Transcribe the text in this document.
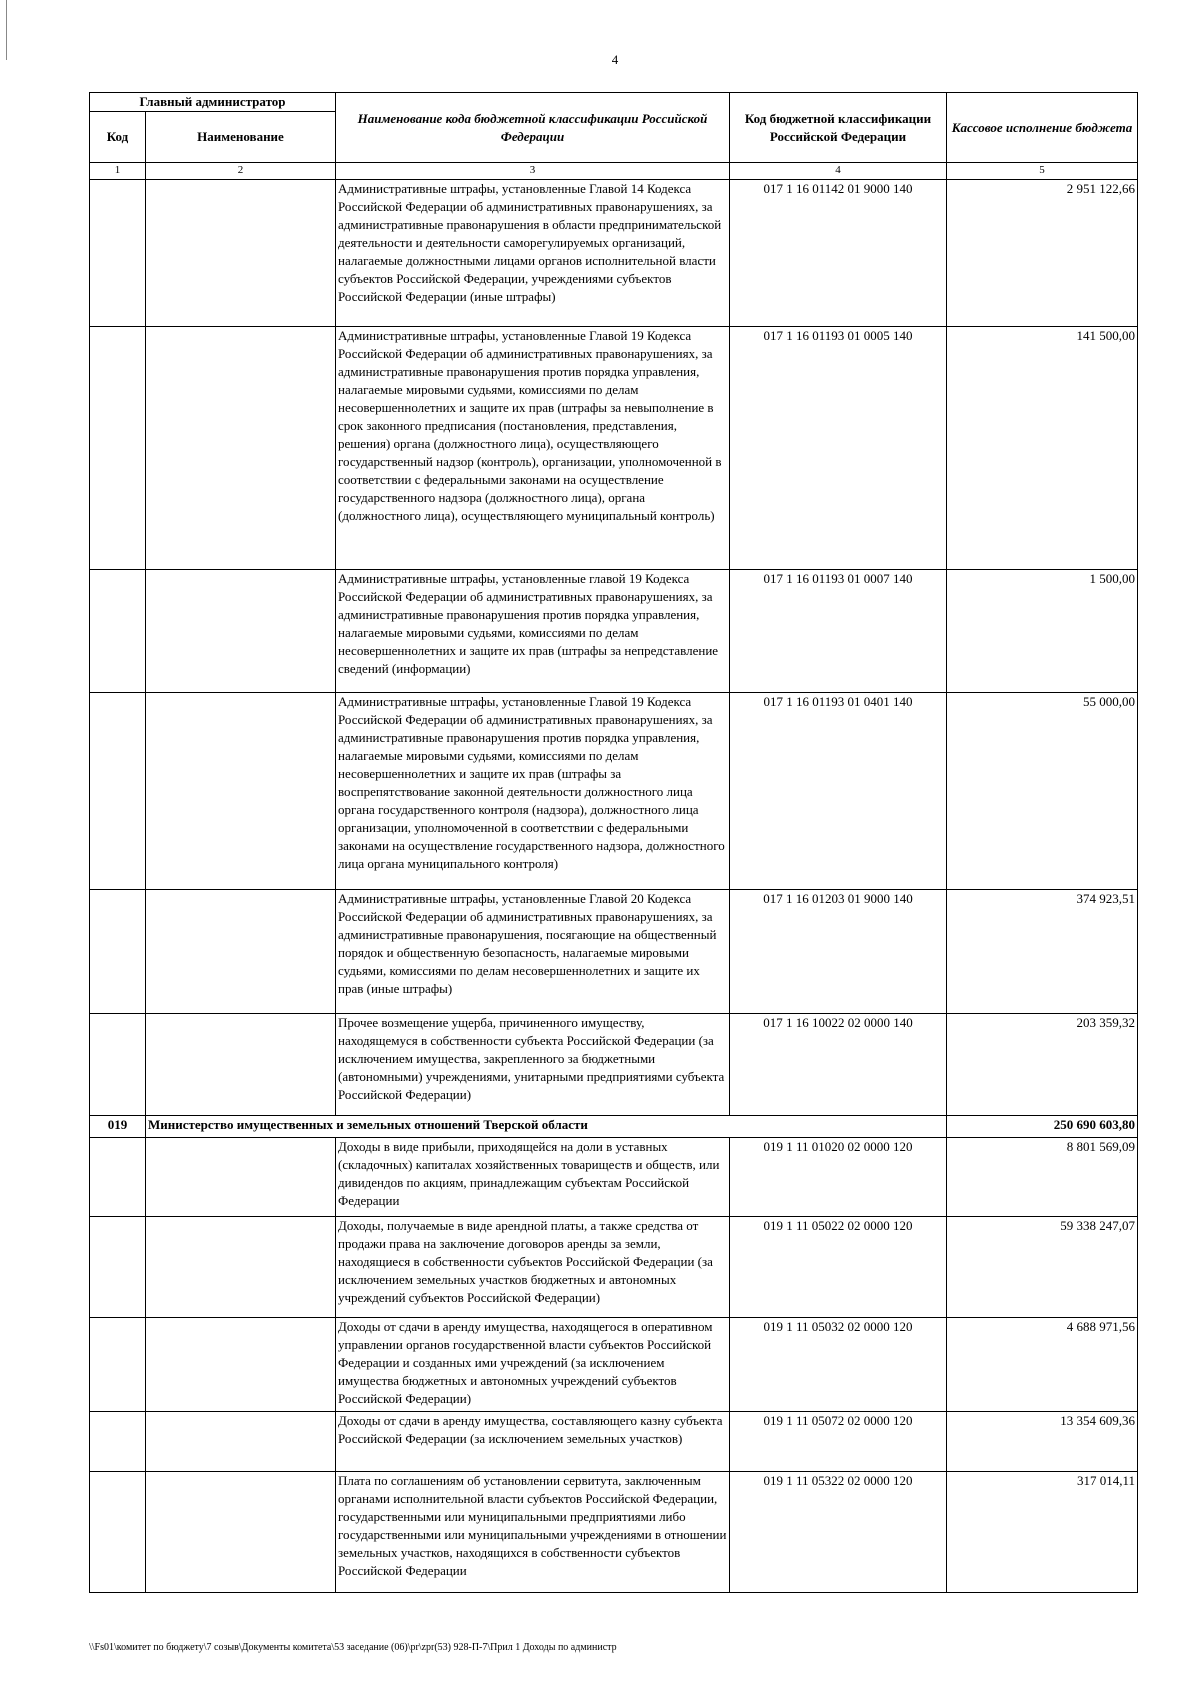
4
Главный администратор		Наименование кода бюджетной классификации Российской Федерации	Код бюджетной классификации Российской Федерации	Кассовое исполнение бюджета
Код	Наименование			
1	2	3	4	5
		Административные штрафы, установленные Главой 14 Кодекса Российской Федерации об административных правонарушениях, за административные правонарушения в области предпринимательской деятельности и деятельности саморегулируемых организаций, налагаемые должностными лицами органов исполнительной власти субъектов Российской Федерации, учреждениями субъектов Российской Федерации (иные штрафы)	017 1 16 01142 01 9000 140	2 951 122,66
		Административные штрафы, установленные Главой 19 Кодекса Российской Федерации об административных правонарушениях, за административные правонарушения против порядка управления, налагаемые мировыми судьями, комиссиями по делам несовершеннолетних и защите их прав (штрафы за невыполнение в срок законного предписания (постановления, представления, решения) органа (должностного лица), осуществляющего государственный надзор (контроль), организации, уполномоченной в соответствии с федеральными законами на осуществление государственного надзора (должностного лица), органа (должностного лица), осуществляющего муниципальный контроль)	017 1 16 01193 01 0005 140	141 500,00
		Административные штрафы, установленные главой 19 Кодекса Российской Федерации об административных правонарушениях, за административные правонарушения против порядка управления, налагаемые мировыми судьями, комиссиями по делам несовершеннолетних и защите их прав (штрафы за непредставление сведений (информации)	017 1 16 01193 01 0007 140	1 500,00
		Административные штрафы, установленные Главой 19 Кодекса Российской Федерации об административных правонарушениях, за административные правонарушения против порядка управления, налагаемые мировыми судьями, комиссиями по делам несовершеннолетних и защите их прав (штрафы за воспрепятствование законной деятельности должностного лица органа государственного контроля (надзора), должностного лица организации, уполномоченной в соответствии с федеральными законами на осуществление государственного надзора, должностного лица органа муниципального контроля)	017 1 16 01193 01 0401 140	55 000,00
		Административные штрафы, установленные Главой 20 Кодекса Российской Федерации об административных правонарушениях, за административные правонарушения, посягающие на общественный порядок и общественную безопасность, налагаемые мировыми судьями, комиссиями по делам несовершеннолетних и защите их прав (иные штрафы)	017 1 16 01203 01 9000 140	374 923,51
		Прочее возмещение ущерба, причиненного имуществу, находящемуся в собственности субъекта Российской Федерации (за исключением имущества, закрепленного за бюджетными (автономными) учреждениями, унитарными предприятиями субъекта Российской Федерации)	017 1 16 10022 02 0000 140	203 359,32
019	Министерство имущественных и земельных отношений Тверской области			250 690 603,80
		Доходы в виде прибыли, приходящейся на доли в уставных (складочных) капиталах хозяйственных товариществ и обществ, или дивидендов по акциям, принадлежащим субъектам Российской Федерации	019 1 11 01020 02 0000 120	8 801 569,09
		Доходы, получаемые в виде арендной платы, а также средства от продажи права на заключение договоров аренды за земли, находящиеся в собственности субъектов Российской Федерации (за исключением земельных участков бюджетных и автономных учреждений субъектов Российской Федерации)	019 1 11 05022 02 0000 120	59 338 247,07
		Доходы от сдачи в аренду имущества, находящегося в оперативном управлении органов государственной власти субъектов Российской Федерации и созданных ими учреждений (за исключением имущества бюджетных и автономных учреждений субъектов Российской Федерации)	019 1 11 05032 02 0000 120	4 688 971,56
		Доходы от сдачи в аренду имущества, составляющего казну субъекта Российской Федерации (за исключением земельных участков)	019 1 11 05072 02 0000 120	13 354 609,36
		Плата по соглашениям об установлении сервитута, заключенным органами исполнительной власти субъектов Российской Федерации, государственными или муниципальными предприятиями либо государственными или муниципальными учреждениями в отношении земельных участков, находящихся в собственности субъектов Российской Федерации	019 1 11 05322 02 0000 120	317 014,11
\\Fs01\комитет по бюджету\7 созыв\Документы комитета\53 заседание (06)\pr\zpr(53) 928-П-7\Прил 1 Доходы по админиcтр
